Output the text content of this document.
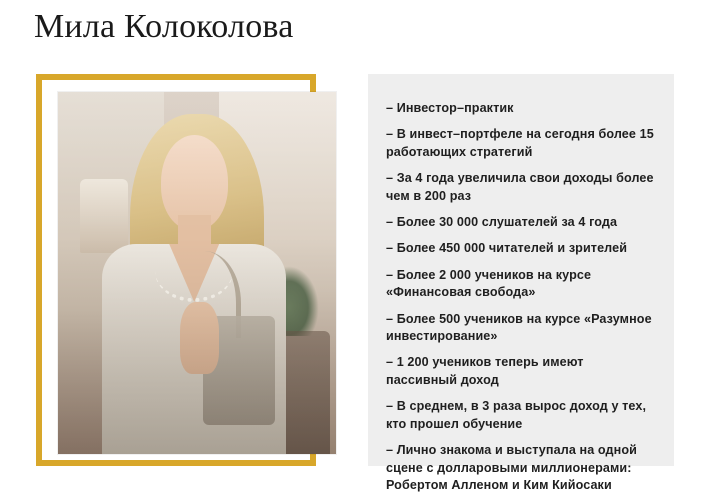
Мила Колоколова
– Инвестор–практик
– В инвест–портфеле на сегодня более 15 работающих стратегий
– За 4 года увеличила свои доходы более чем в 200 раз
– Более 30 000 слушателей за 4 года
– Более 450 000 читателей и зрителей
– Более 2 000 учеников на курсе «Финансовая свобода»
– Более 500 учеников на курсе «Разумное инвестирование»
– 1 200 учеников теперь имеют пассивный доход
– В среднем, в 3 раза вырос доход у тех, кто прошел обучение
– Лично знакома и выступала на одной сцене с долларовыми миллионерами: Робертом Алленом и Ким Кийосаки
